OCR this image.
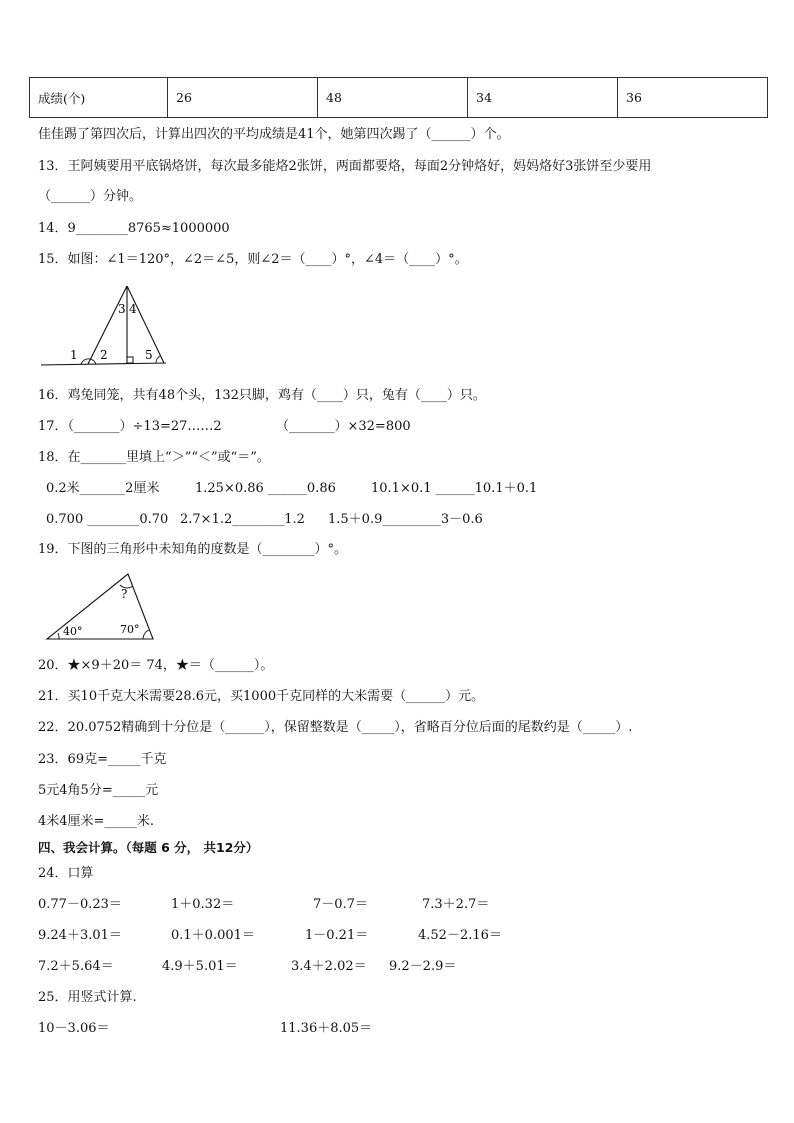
成绩(个)	26	48	34	36
佳佳踢了第四次后，计算出四次的平均成绩是41个，她第四次踢了（______）个。
13．王阿姨要用平底锅烙饼，每次最多能烙2张饼，两面都要烙，每面2分钟烙好，妈妈烙好3张饼至少要用
（______）分钟。
14．9________8765≈1000000
15．如图：∠1＝120°，∠2＝∠5，则∠2＝（____）°，∠4＝（____）°。
3 4
1 2	5
16．鸡兔同笼，共有48个头，132只脚，鸡有（____）只，兔有（____）只。
17．（_______）÷13=27……2	（_______）×32=800
18．在_______里填上“＞”“＜”或“＝”。
0.2米_______2厘米	1.25×0.86 ______0.86	10.1×0.1 ______10.1＋0.1
0.700 ________0.70 2.7×1.2________1.2 1.5＋0.9_________3－0.6
19．下图的三角形中未知角的度数是（________）°。
?
40°	70°
20．★×9＋20＝ 74，★＝（______）。
21．买10千克大米需要28.6元，买1000千克同样的大米需要（______）元。
22．20.0752精确到十分位是（______），保留整数是（_____），省略百分位后面的尾数约是（_____）.
23．69克=_____千克
5元4角5分=_____元
4米4厘米=_____米.
四、我会计算。（每题 6 分， 共12分）
24．口算
0.77－0.23＝	1＋0.32＝	7－0.7＝	7.3＋2.7＝
9.24＋3.01＝	0.1＋0.001＝	1－0.21＝	4.52－2.16＝
7.2＋5.64＝	4.9＋5.01＝	3.4＋2.02＝ 9.2－2.9＝
25．用竖式计算.
10－3.06＝	11.36＋8.05＝
